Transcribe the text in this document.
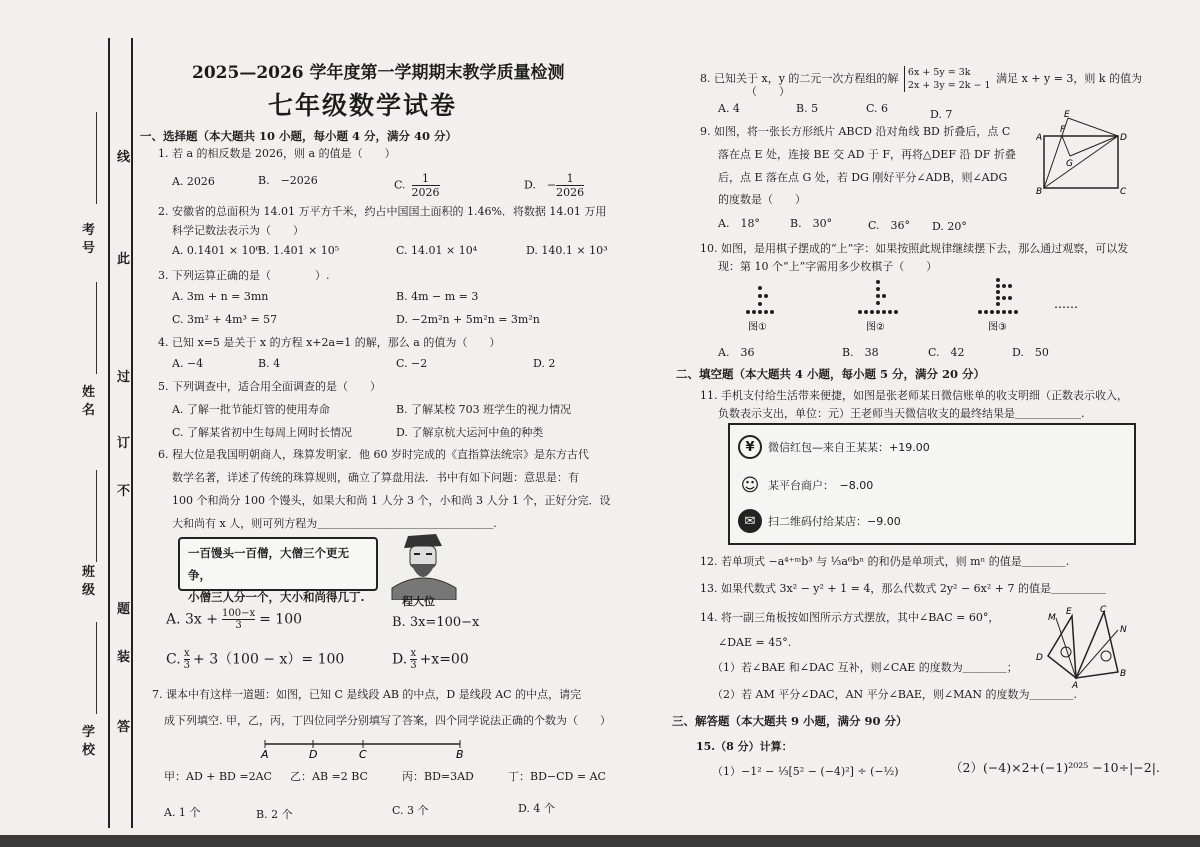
考号
姓名
班级
学校
线
此
过
订
不
题
装
答
2025—2026 学年度第一学期期末教学质量检测
七年级数学试卷
一、选择题（本大题共 10 小题，每小题 4 分，满分 40 分）
1. 若 a 的相反数是 2026，则 a 的值是（　　）
A. 2026	B.　−2026	C. $\frac{1}{2026}$	D.　− $\frac{1}{2026}$
2. 安徽省的总面积为 14.01 万平方千米，约占中国国土面积的 1.46%．将数据 14.01 万用
科学记数法表示为（　　）
A. 0.1401 × 10⁶
B. 1.401 × 10⁵	C. 14.01 × 10⁴	D. 140.1 × 10³
3. 下列运算正确的是（　　　　）.
A. 3m + n = 3mn	B. 4m − m = 3
C. 3m² + 4m³ = 57	D. −2m²n + 5m²n = 3m²n
4. 已知 x=5 是关于 x 的方程 x+2a=1 的解，那么 a 的值为（　　）
A. −4	B. 4	C. −2	D. 2
5. 下列调查中，适合用全面调查的是（　　）
A. 了解一批节能灯管的使用寿命	B. 了解某校 703 班学生的视力情况
C. 了解某省初中生每周上网时长情况	D. 了解京杭大运河中鱼的种类
6. 程大位是我国明朝商人，珠算发明家．他 60 岁时完成的《直指算法统宗》是东方古代
数学名著，详述了传统的珠算规则，确立了算盘用法．书中有如下问题：意思是：有
100 个和尚分 100 个馒头，如果大和尚 1 人分 3 个，小和尚 3 人分 1 个，正好分完．设
大和尚有 x 人，则可列方程为＿＿＿＿＿＿＿＿＿＿＿＿＿＿＿＿.
一百馒头一百僧，大僧三个更无争，
小僧三人分一个，大小和尚得几丁.	程大位
A. $3x + \frac{100-x}{3} = 100$	B. 3x=100−x
C. $\frac{x}{3} + 3(100 - x)= 100$	D. $\frac{x}{3} +x=00$
7. 课本中有这样一道题：如图，已知 C 是线段 AB 的中点，D 是线段 AC 的中点，请完
成下列填空. 甲，乙，丙，丁四位同学分别填写了答案，四个同学说法正确的个数为（　　）
A	D	C	B
甲：AD + BD =2AC 乙：AB =2 BC	丙：BD=3AD	丁：BD−CD = AC
A. 1 个	B. 2 个	C. 3 个	D. 4 个
8. 已知关于 x，y 的二元一次方程组的解 6x + 5y = 3k
2x + 3y = 2k − 1
满足 x + y = 3，则 k 的值为
（　　）
A. 4	B. 5	C. 6	D. 7
9. 如图，将一张长方形纸片 ABCD 沿对角线 BD 折叠后，点 C
落在点 E 处，连接 BE 交 AD 于 F，再将△DEF 沿 DF 折叠
后，点 E 落在点 G 处，若 DG 刚好平分∠ADB，则∠ADG
的度数是（　　）
E
F
A	D
G
B	C
A.　18°	B.　30°	C.　36° D. 20°
10. 如图，是用棋子摆成的“上”字：如果按照此规律继续摆下去，那么通过观察，可以发
现：第 10 个“上”字需用多少枚棋子（　　）
图①	图②	图③
……
A.　36	B.　38	C.　42	D.　50
二、填空题（本大题共 4 小题，每小题 5 分，满分 20 分）
11. 手机支付给生活带来便捷，如图是张老师某日微信账单的收支明细（正数表示收入，
负数表示支出，单位：元）王老师当天微信收支的最终结果是＿＿＿＿＿＿.
¥	微信红包—来自王某某：+19.00
☺ 某平台商户：　−8.00
✉	扫二维码付给某店：−9.00
12. 若单项式 −a⁴⁺ᵐb³ 与 ⅓a⁶bⁿ 的和仍是单项式，则 mⁿ 的值是＿＿＿＿.
13. 如果代数式 3x² − y² + 1 = 4，那么代数式 2y² − 6x² + 7 的值是＿＿＿＿＿
14. 将一副三角板按如图所示方式摆放，其中∠BAC = 60°，
∠DAE = 45°.
（1）若∠BAE 和∠DAC 互补，则∠CAE 的度数为＿＿＿＿；
（2）若 AM 平分∠DAC，AN 平分∠BAE，则∠MAN 的度数为＿＿＿＿.
M
E	C
N
D
A
B
三、解答题（本大题共 9 小题，满分 90 分）
15.（8 分）计算：
（1）−1² − ⅓[5² − (−4)²] ÷ (−½)	（2）(−4)×2+(−1)²⁰²⁵ −10÷|−2|.
